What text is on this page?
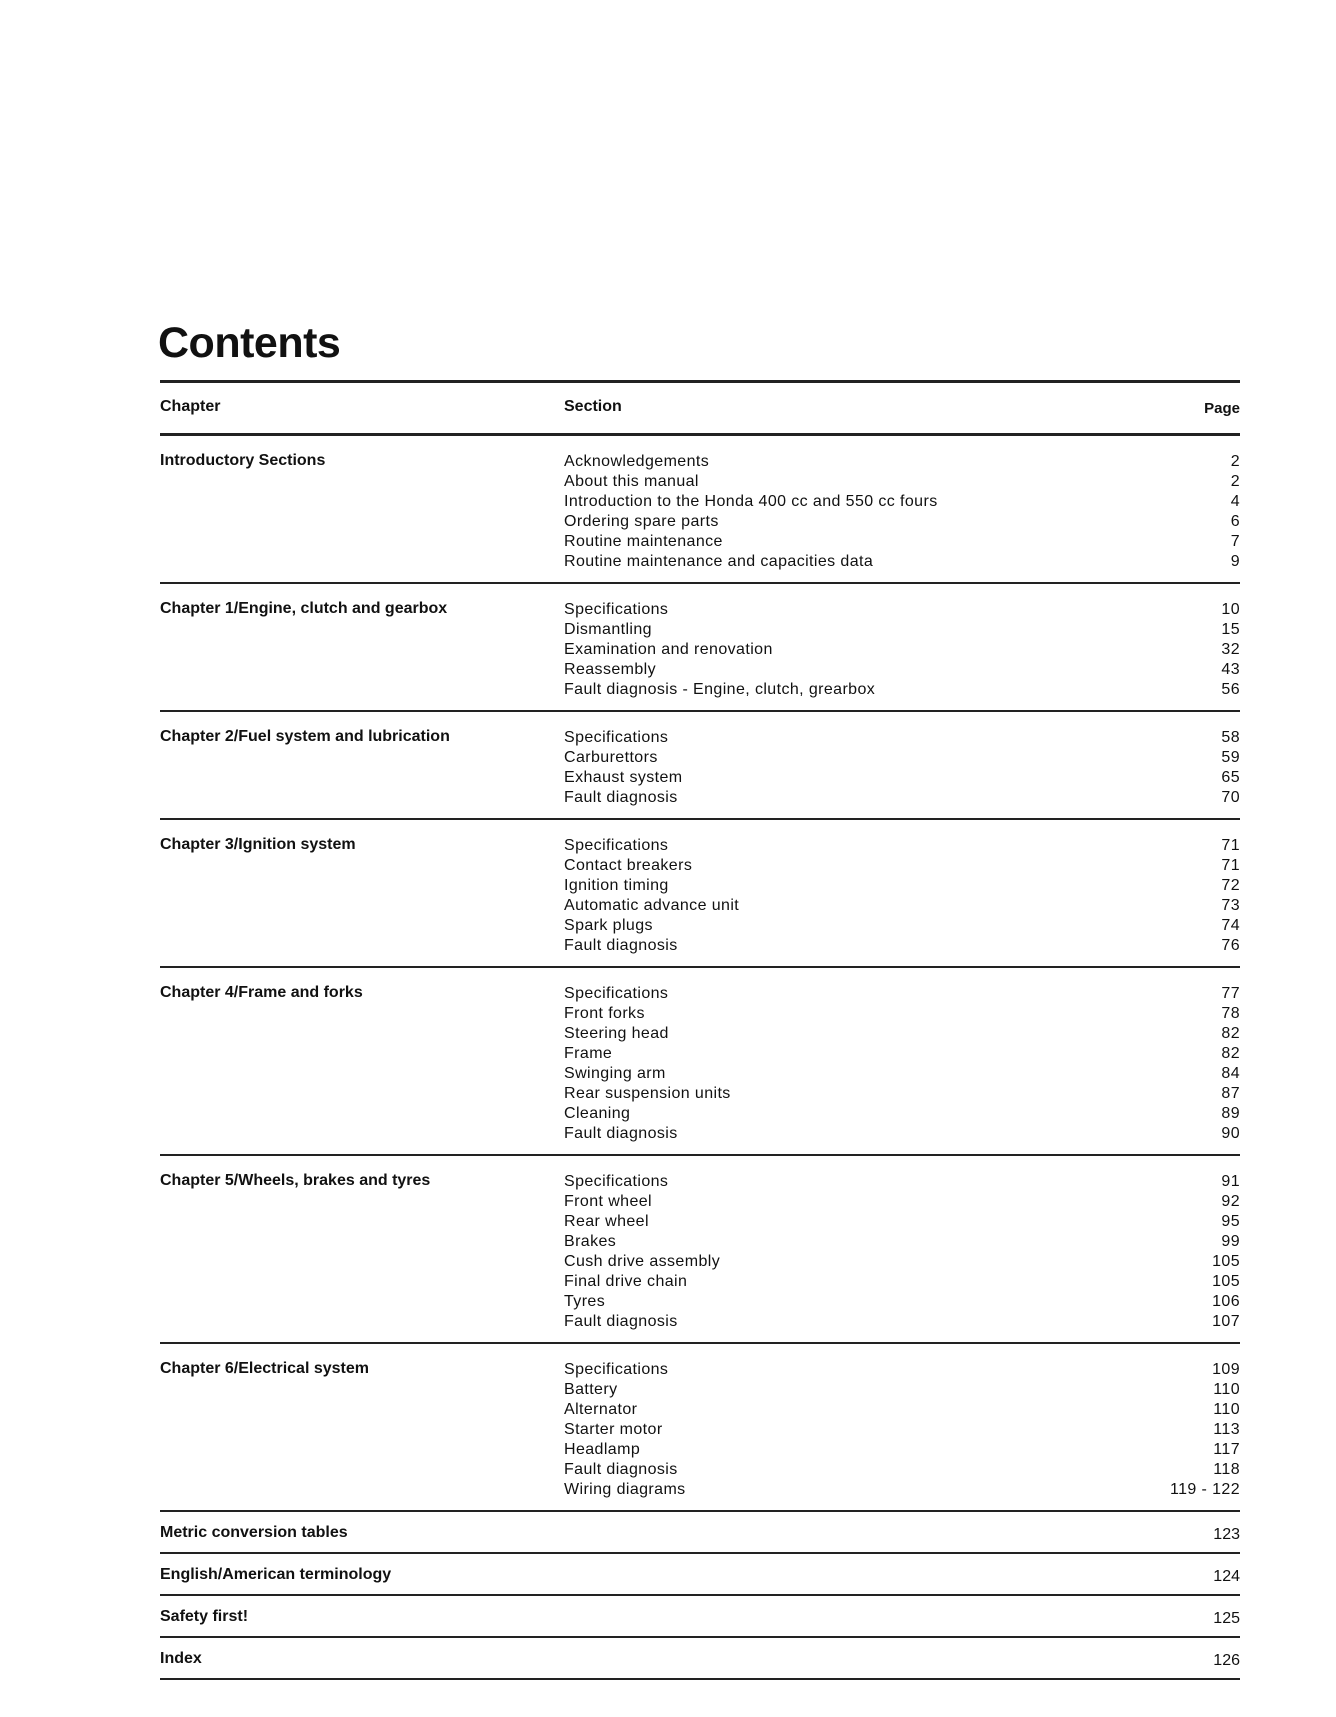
Contents
Chapter	Section	Page
Introductory Sections	Acknowledgements	2
About this manual	2
Introduction to the Honda 400 cc and 550 cc fours	4
Ordering spare parts	6
Routine maintenance	7
Routine maintenance and capacities data	9
Chapter 1/Engine, clutch and gearbox	Specifications	10
Dismantling	15
Examination and renovation	32
Reassembly	43
Fault diagnosis - Engine, clutch, grearbox	56
Chapter 2/Fuel system and lubrication	Specifications	58
Carburettors	59
Exhaust system	65
Fault diagnosis	70
Chapter 3/Ignition system	Specifications	71
Contact breakers	71
Ignition timing	72
Automatic advance unit	73
Spark plugs	74
Fault diagnosis	76
Chapter 4/Frame and forks	Specifications	77
Front forks	78
Steering head	82
Frame	82
Swinging arm	84
Rear suspension units	87
Cleaning	89
Fault diagnosis	90
Chapter 5/Wheels, brakes and tyres	Specifications	91
Front wheel	92
Rear wheel	95
Brakes	99
Cush drive assembly	105
Final drive chain	105
Tyres	106
Fault diagnosis	107
Chapter 6/Electrical system	Specifications	109
Battery	110
Alternator	110
Starter motor	113
Headlamp	117
Fault diagnosis	118
Wiring diagrams	119 - 122
Metric conversion tables	123
English/American terminology	124
Safety first!	125
Index	126
